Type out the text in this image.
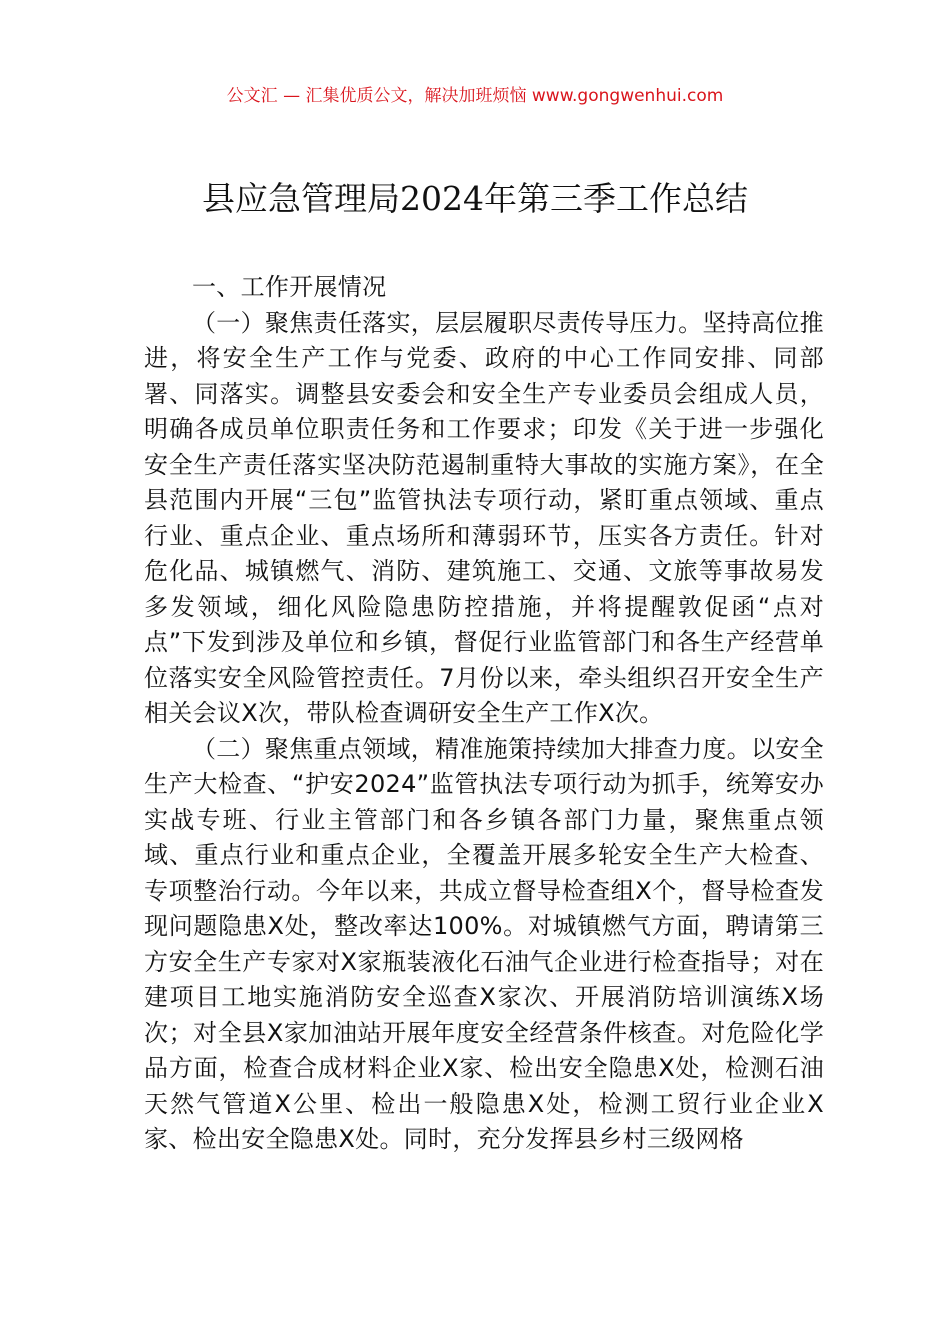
公文汇 — 汇集优质公文，解决加班烦恼 www.gongwenhui.com
县应急管理局2024年第三季工作总结

一、工作开展情况

（一）聚焦责任落实，层层履职尽责传导压力。坚持高位推进，将安全生产工作与党委、政府的中心工作同安排、同部署、同落实。调整县安委会和安全生产专业委员会组成人员，明确各成员单位职责任务和工作要求；印发《关于进一步强化安全生产责任落实坚决防范遏制重特大事故的实施方案》，在全县范围内开展“三包”监管执法专项行动，紧盯重点领域、重点行业、重点企业、重点场所和薄弱环节，压实各方责任。针对危化品、城镇燃气、消防、建筑施工、交通、文旅等事故易发多发领域，细化风险隐患防控措施，并将提醒敦促函“点对点”下发到涉及单位和乡镇，督促行业监管部门和各生产经营单位落实安全风险管控责任。7月份以来，牵头组织召开安全生产相关会议X次，带队检查调研安全生产工作X次。

（二）聚焦重点领域，精准施策持续加大排查力度。以安全生产大检查、“护安2024”监管执法专项行动为抓手，统筹安办实战专班、行业主管部门和各乡镇各部门力量，聚焦重点领域、重点行业和重点企业，全覆盖开展多轮安全生产大检查、专项整治行动。今年以来，共成立督导检查组X个，督导检查发现问题隐患X处，整改率达100%。对城镇燃气方面，聘请第三方安全生产专家对X家瓶装液化石油气企业进行检查指导；对在建项目工地实施消防安全巡查X家次、开展消防培训演练X场次；对全县X家加油站开展年度安全经营条件核查。对危险化学品方面，检查合成材料企业X家、检出安全隐患X处，检测石油天然气管道X公里、检出一般隐患X处，检测工贸行业企业X家、检出安全隐患X处。同时，充分发挥县乡村三级网格
